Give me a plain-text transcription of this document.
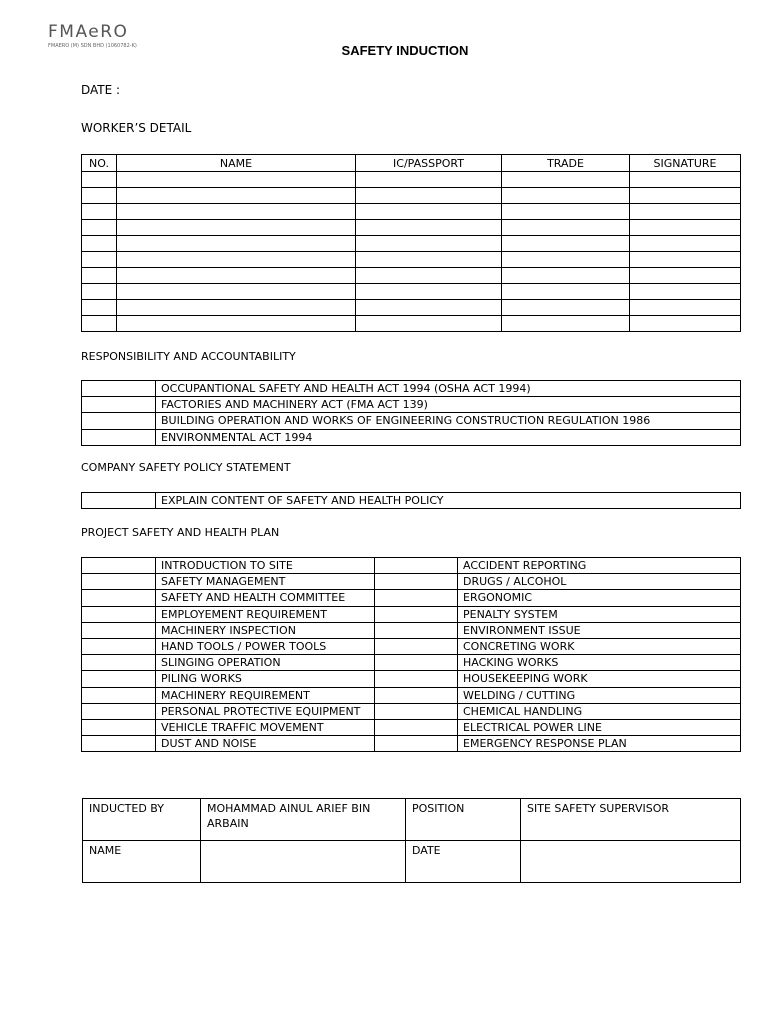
FMAeRO
FMAERO (M) SDN BHD (1060782-K)	SAFETY INDUCTION
DATE :
WORKER’S DETAIL
NO.	NAME	IC/PASSPORT	TRADE	SIGNATURE

RESPONSIBILITY AND ACCOUNTABILITY
	OCCUPANTIONAL SAFETY AND HEALTH ACT 1994 (OSHA ACT 1994)
	FACTORIES AND MACHINERY ACT (FMA ACT 139)
	BUILDING OPERATION AND WORKS OF ENGINEERING CONSTRUCTION REGULATION 1986
	ENVIRONMENTAL ACT 1994
COMPANY SAFETY POLICY STATEMENT
	EXPLAIN CONTENT OF SAFETY AND HEALTH POLICY
PROJECT SAFETY AND HEALTH PLAN
	INTRODUCTION TO SITE		ACCIDENT REPORTING
	SAFETY MANAGEMENT		DRUGS / ALCOHOL
	SAFETY AND HEALTH COMMITTEE		ERGONOMIC
	EMPLOYEMENT REQUIREMENT		PENALTY SYSTEM
	MACHINERY INSPECTION		ENVIRONMENT ISSUE
	HAND TOOLS / POWER TOOLS		CONCRETING WORK
	SLINGING OPERATION		HACKING WORKS
	PILING WORKS		HOUSEKEEPING WORK
	MACHINERY REQUIREMENT		WELDING / CUTTING
	PERSONAL PROTECTIVE EQUIPMENT		CHEMICAL HANDLING
	VEHICLE TRAFFIC MOVEMENT		ELECTRICAL POWER LINE
	DUST AND NOISE		EMERGENCY RESPONSE PLAN
INDUCTED BY	MOHAMMAD AINUL ARIEF BIN ARBAIN	POSITION	SITE SAFETY SUPERVISOR
NAME		DATE	
